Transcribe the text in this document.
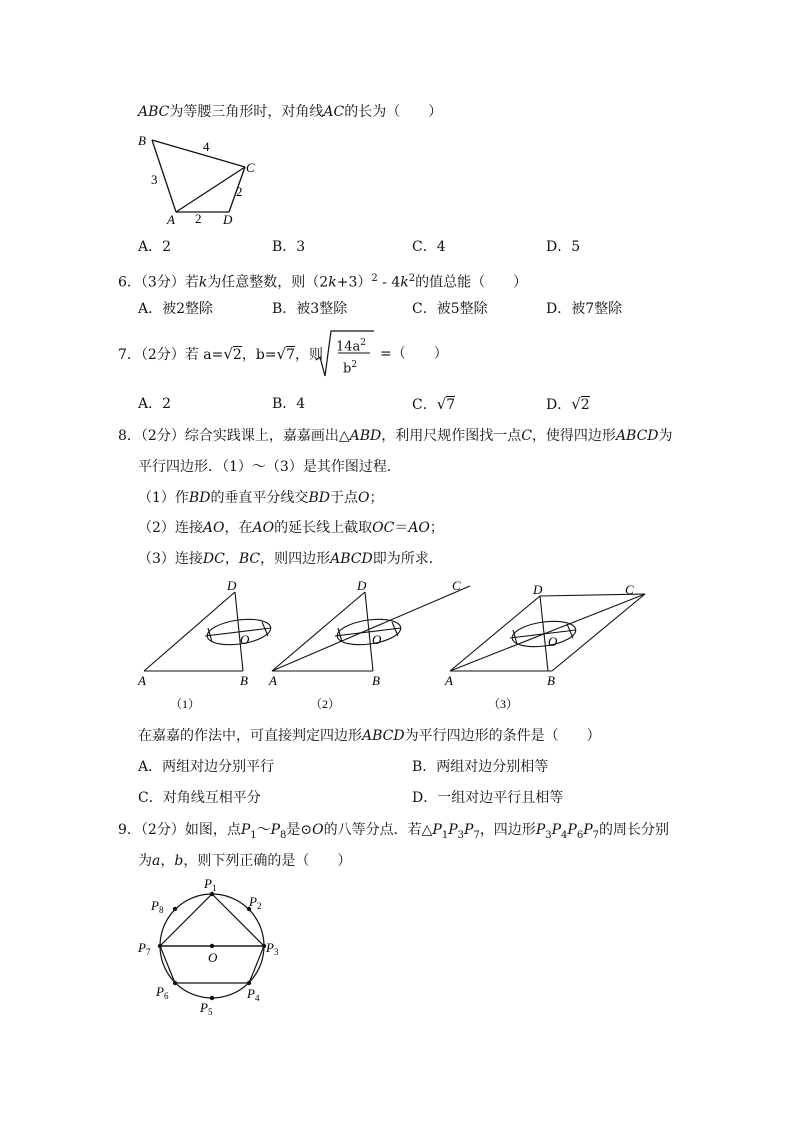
ABC为等腰三角形时，对角线AC的长为（　　）
B
C
A	D
4
3
2
2
A．2	B．3	C．4	D．5
6．（3分）若k为任意整数，则$(2k+3)^2 - 4k^2$的值总能（　　）
A．被2整除	B．被3整除	C．被5整除	D．被7整除
7．（2分）若 a=√2，b=√7，则
$14a^2$
$b^2$
=（　　）
A．2	B．4	C．√7	D．√2
8．（2分）综合实践课上，嘉嘉画出△ABD，利用尺规作图找一点C，使得四边形ABCD为
平行四边形．（1）～（3）是其作图过程．
（1）作BD的垂直平分线交BD于点O；
（2）连接AO，在AO的延长线上截取OC＝AO；
（3）连接DC，BC，则四边形ABCD即为所求．
D
O
A	B
D
O
C
A	B
D	C
O
A	B
（1）	（2）	（3）
在嘉嘉的作法中，可直接判定四边形ABCD为平行四边形的条件是（　　）
A．两组对边分别平行	B．两组对边分别相等
C．对角线互相平分	D．一组对边平行且相等
9．（2分）如图，点$P_1\sim P_8$是⊙O的八等分点．若$\triangle P_1P_3P_7$，四边形$P_3P_4P_6P_7$的周长分别
为a，b，则下列正确的是（　　）
$P_1$
$P_2$
$P_3$
$P_4$
$P_5$
$P_6$
$P_7$
$P_8$
O
